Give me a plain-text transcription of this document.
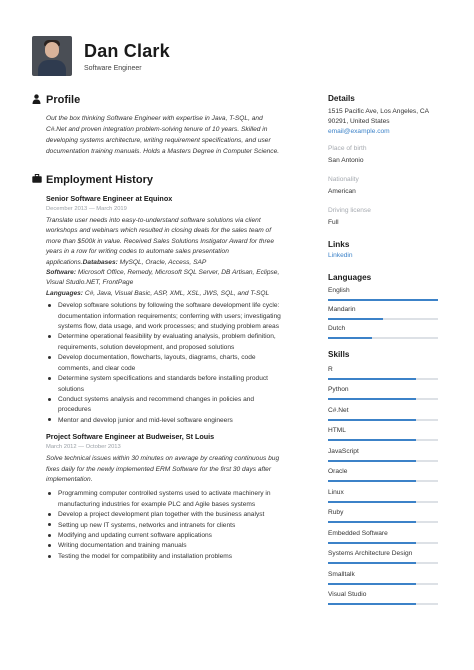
Dan Clark
Software Engineer
Profile
Out the box thinking Software Engineer with expertise in Java, T-SQL, and
C#.Net and proven integration problem-solving tenure of 10 years. Skilled in
developing systems architecture, writing requirement specifications, and user
documentation training manuals. Holds a Masters Degree in Computer Science.
Employment History
Senior Software Engineer at Equinox
December 2013 — March 2019
Translate user needs into easy-to-understand software solutions via client
workshops and webinars which resulted in closing deals for the sales team of
more than $500k in value. Received Sales Solutions Instigator Award for three
years in a row for writing codes to automate sales presentation
applications.Databases: MySQL, Oracle, Access, SAP
Software: Microsoft Office, Remedy, Microsoft SQL Server, DB Artisan, Eclipse,
Visual Studio.NET, FrontPage
Languages: C#, Java, Visual Basic, ASP, XML, XSL, JWS, SQL, and T-SQL
Develop software solutions by following the software development life cycle:
documentation information requirements; conferring with users; investigating
systems flow, data usage, and work processes; and studying problem areas
Determine operational feasibility by evaluating analysis, problem definition,
requirements, solution development, and proposed solutions
Develop documentation, flowcharts, layouts, diagrams, charts, code
comments, and clear code
Determine system specifications and standards before installing product
solutions
Conduct systems analysis and recommend changes in policies and
procedures
Mentor and develop junior and mid-level software engineers
Project Software Engineer at Budweiser, St Louis
March 2012 — October 2013
Solve technical issues within 30 minutes on average by creating continuous bug
fixes daily for the newly implemented ERM Software for the first 30 days after
implementation.
Programming computer controlled systems used to activate machinery in
manufacturing industries for example PLC and Agile bases systems
Develop a project development plan together with the business analyst
Setting up new IT systems, networks and intranets for clients
Modifying and updating current software applications
Writing documentation and training manuals
Testing the model for compatibility and installation problems
Details
1515 Pacific Ave, Los Angeles, CA
90291, United States
email@example.com
Place of birth
San Antonio
Nationality
American
Driving license
Full
Links
Linkedin
Languages
English
Mandarin
Dutch
Skills
R
Python
C#.Net
HTML
JavaScript
Oracle
Linux
Ruby
Embedded Software
Systems Architecture Design
Smalltalk
Visual Studio
